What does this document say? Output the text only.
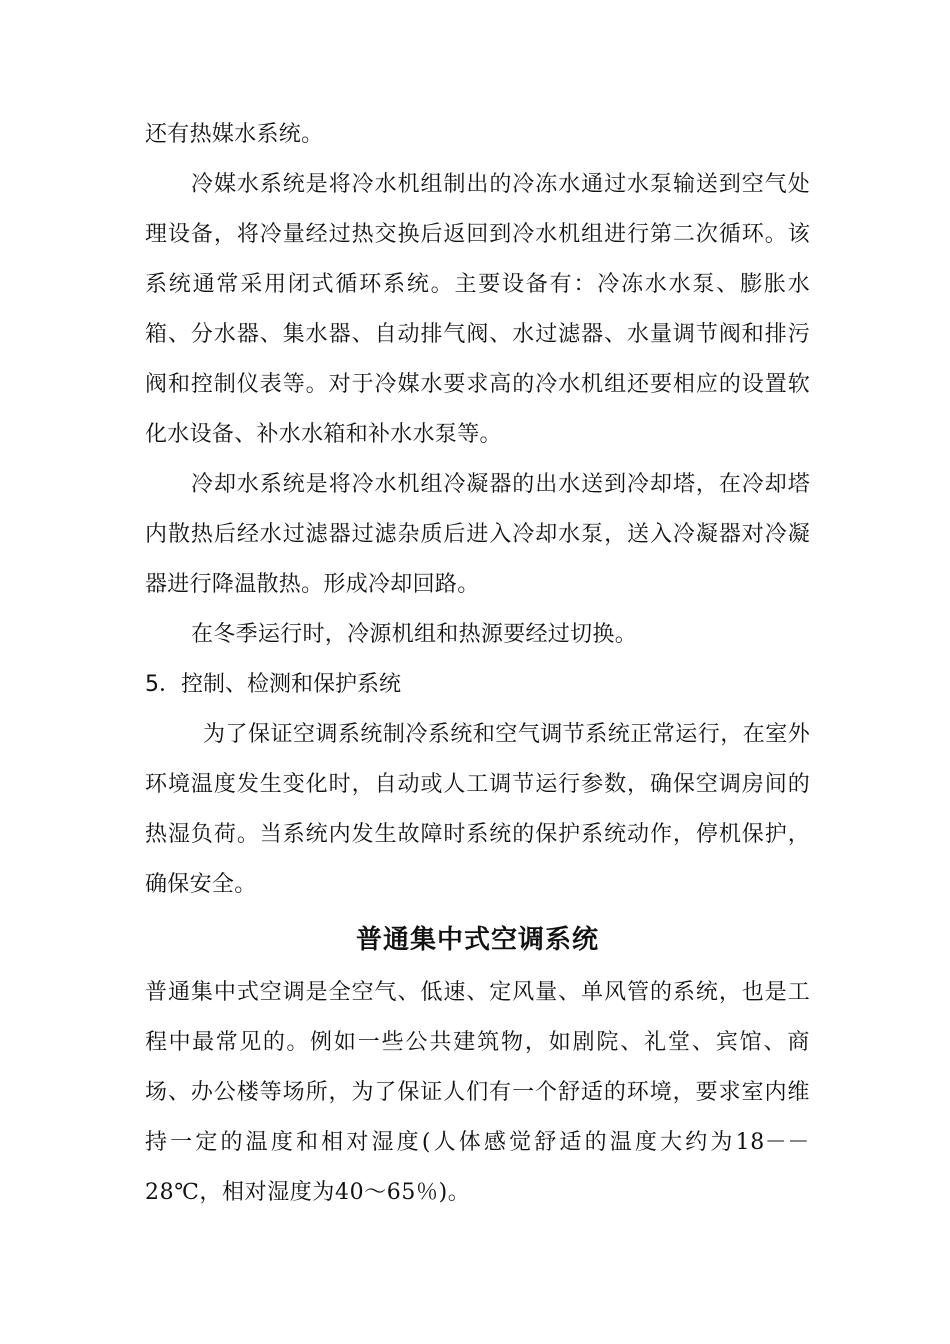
还有热媒水系统。

冷媒水系统是将冷水机组制出的冷冻水通过水泵输送到空气处理设备，将冷量经过热交换后返回到冷水机组进行第二次循环。该系统通常采用闭式循环系统。主要设备有：冷冻水水泵、膨胀水箱、分水器、集水器、自动排气阀、水过滤器、水量调节阀和排污阀和控制仪表等。对于冷媒水要求高的冷水机组还要相应的设置软化水设备、补水水箱和补水水泵等。

冷却水系统是将冷水机组冷凝器的出水送到冷却塔，在冷却塔内散热后经水过滤器过滤杂质后进入冷却水泵，送入冷凝器对冷凝器进行降温散热。形成冷却回路。

在冬季运行时，冷源机组和热源要经过切换。

5．控制、检测和保护系统

为了保证空调系统制冷系统和空气调节系统正常运行，在室外环境温度发生变化时，自动或人工调节运行参数，确保空调房间的热湿负荷。当系统内发生故障时系统的保护系统动作，停机保护，确保安全。

普通集中式空调系统

普通集中式空调是全空气、低速、定风量、单风管的系统，也是工程中最常见的。例如一些公共建筑物，如剧院、礼堂、宾馆、商场、办公楼等场所，为了保证人们有一个舒适的环境，要求室内维持一定的温度和相对湿度(人体感觉舒适的温度大约为18－－28℃，相对湿度为40～65％)。
